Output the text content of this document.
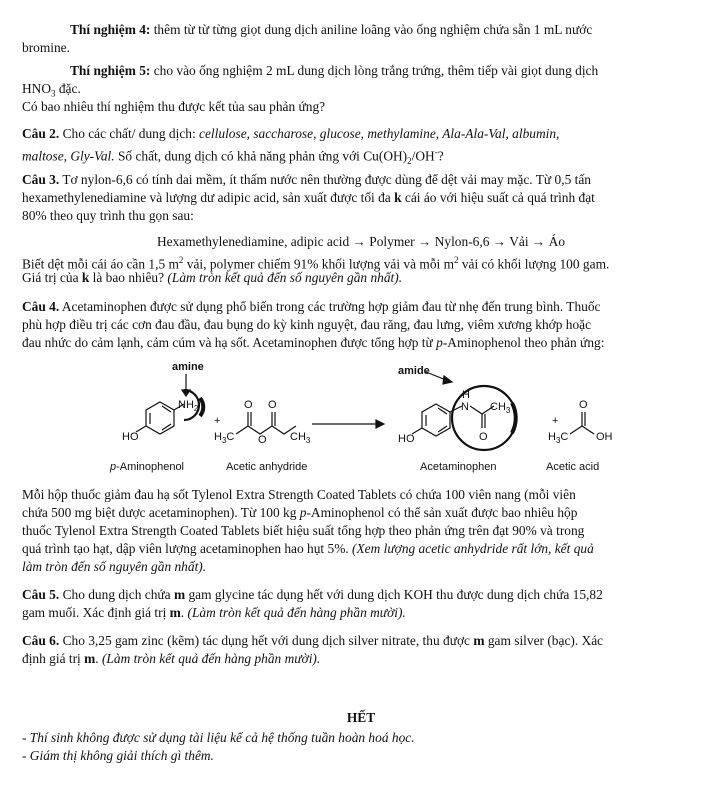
Thí nghiệm 4: thêm từ từ từng giọt dung dịch aniline loãng vào ống nghiệm chứa sẵn 1 mL nước
bromine.
Thí nghiệm 5: cho vào ống nghiệm 2 mL dung dịch lòng trắng trứng, thêm tiếp vài giọt dung dịch
$HNO_3$ đặc.
Có bao nhiêu thí nghiệm thu được kết tủa sau phản ứng?
Câu 2. Cho các chất/ dung dịch: cellulose, saccharose, glucose, methylamine, Ala-Ala-Val, albumin,
maltose, Gly-Val. Số chất, dung dịch có khả năng phản ứng với $Cu(OH)_2/OH^-$?
Câu 3. Tơ nylon-6,6 có tính dai mềm, ít thấm nước nên thường được dùng để dệt vải may mặc. Từ 0,5 tấn
hexamethylenediamine và lượng dư adipic acid, sản xuất được tối đa k cái áo với hiệu suất cả quá trình đạt
80% theo quy trình thu gọn sau:
Hexamethylenediamine, adipic acid → Polymer → Nylon-6,6 → Vải → Áo
Biết dệt mỗi cái áo cần 1,5 $m^2$ vải, polymer chiếm 91% khối lượng vải và mỗi $m^2$ vải có khối lượng 100 gam.
Giá trị của k là bao nhiêu? (Làm tròn kết quả đến số nguyên gần nhất).
Câu 4. Acetaminophen được sử dụng phổ biến trong các trường hợp giảm đau từ nhẹ đến trung bình. Thuốc
phù hợp điều trị các cơn đau đầu, đau bụng do kỳ kinh nguyệt, đau răng, đau lưng, viêm xương khớp hoặc
đau nhức do cảm lạnh, cảm cúm và hạ sốt. Acetaminophen được tổng hợp từ p-Aminophenol theo phản ứng:
amine
$NH_2$
HO
+
O O
O
$H_3C$	$CH_3$
amide
HO
H
N $CH_3$
O
+
O
$H_3C$	OH
p-Aminophenol	Acetic anhydride	Acetaminophen	Acetic acid
Mỗi hộp thuốc giảm đau hạ sốt Tylenol Extra Strength Coated Tablets có chứa 100 viên nang (mỗi viên
chứa 500 mg biệt dược acetaminophen). Từ 100 kg p-Aminophenol có thể sản xuất được bao nhiêu hộp
thuốc Tylenol Extra Strength Coated Tablets biết hiệu suất tổng hợp theo phản ứng trên đạt 90% và trong
quá trình tạo hạt, dập viên lượng acetaminophen hao hụt 5%. (Xem lượng acetic anhydride rất lớn, kết quả
làm tròn đến số nguyên gần nhất).
Câu 5. Cho dung dịch chứa m gam glycine tác dụng hết với dung dịch KOH thu được dung dịch chứa 15,82
gam muối. Xác định giá trị m. (Làm tròn kết quả đến hàng phần mười).
Câu 6. Cho 3,25 gam zinc (kẽm) tác dụng hết với dung dịch silver nitrate, thu được m gam silver (bạc). Xác
định giá trị m. (Làm tròn kết quả đến hàng phần mười).
HẾT
- Thí sinh không được sử dụng tài liệu kể cả hệ thống tuần hoàn hoá học.
- Giám thị không giải thích gì thêm.
